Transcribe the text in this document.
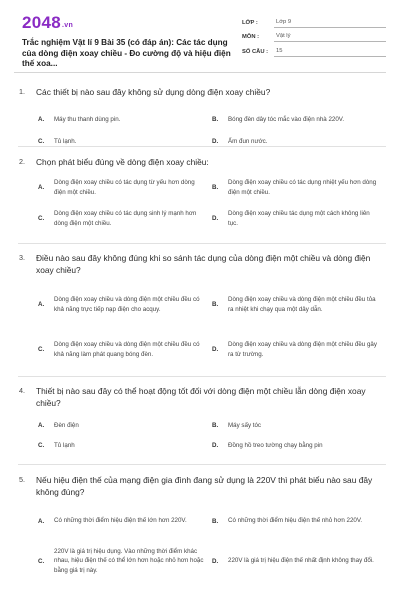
2048.vn
Trắc nghiệm Vật lí 9 Bài 35 (có đáp án): Các tác dụng của dòng điện xoay chiều - Đo cường độ và hiệu điện thế xoa...
LỚP :	Lớp 9
MÔN :	Vật lý
SỐ CÂU :	15
1.	Các thiết bị nào sau đây không sử dụng dòng điện xoay chiều?
A.	Máy thu thanh dùng pin.	B.	Bóng đèn dây tóc mắc vào điện nhà 220V.
C.	Tủ lạnh.	D.	Ấm đun nước.
2.	Chọn phát biểu đúng về dòng điện xoay chiều:
A.
Dòng điện xoay chiều có tác dụng từ yếu hơn dòng điện một chiều.
B.
Dòng điện xoay chiều có tác dụng nhiệt yếu hơn dòng điện một chiều.
C.
Dòng điện xoay chiều có tác dụng sinh lý mạnh hơn dòng điện một chiều.
D.
Dòng điện xoay chiều tác dụng một cách không liên tục.
3.	Điều nào sau đây không đúng khi so sánh tác dụng của dòng điện một chiều và dòng điện xoay chiều?
A.
Dòng điện xoay chiều và dòng điện một chiều đều có khả năng trực tiếp nạp điện cho acquy.
B.
Dòng điện xoay chiều và dòng điện một chiều đều tỏa ra nhiệt khi chạy qua một dây dẫn.
C.
Dòng điện xoay chiều và dòng điện một chiều đều có khả năng làm phát quang bóng đèn.
D.
Dòng điện xoay chiều và dòng điện một chiều đều gây ra từ trường.
4.	Thiết bị nào sau đây có thể hoạt động tốt đối với dòng điện một chiều lẫn dòng điện xoay chiều?
A.	Đèn điện	B.	Máy sấy tóc
C.	Tủ lạnh	D.	Đồng hồ treo tường chạy bằng pin
5.	Nếu hiệu điện thế của mạng điện gia đình đang sử dụng là 220V thì phát biểu nào sau đây không đúng?
A.	Có những thời điểm hiệu điện thế lớn hơn 220V.	B.	Có những thời điểm hiệu điện thế nhỏ hơn 220V.
C.
220V là giá trị hiệu dụng. Vào những thời điểm khác nhau, hiệu điện thế có thể lớn hơn hoặc nhỏ hơn hoặc bằng giá trị này.
D.	220V là giá trị hiệu điện thế nhất định không thay đổi.
